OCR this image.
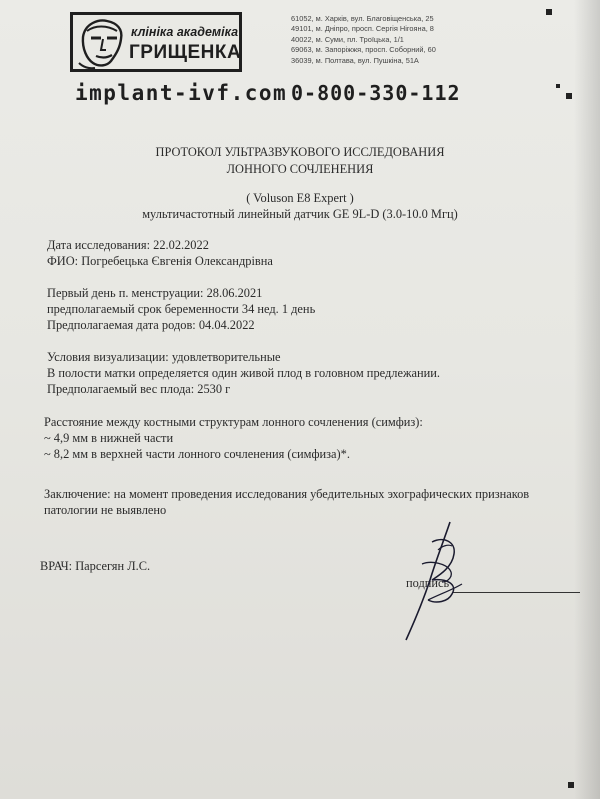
клініка академіка
ГРИЩЕНКА
61052, м. Харків, вул. Благовіщенська, 25
49101, м. Дніпро, просп. Сергія Нігояна, 8
40022, м. Суми, пл. Троїцька, 1/1
69063, м. Запоріжжя, просп. Соборний, 60
36039, м. Полтава, вул. Пушкіна, 51А
implant-ivf.com 0-800-330-112
ПРОТОКОЛ УЛЬТРАЗВУКОВОГО ИССЛЕДОВАНИЯ
ЛОННОГО СОЧЛЕНЕНИЯ
( Voluson E8 Expert )
мультичастотный линейный датчик GE 9L-D (3.0-10.0 Мгц)
Дата исследования: 22.02.2022
ФИО: Погребецька Євгенія Олександрівна
Первый день п. менструации: 28.06.2021
предполагаемый срок беременности 34 нед. 1 день
Предполагаемая дата родов: 04.04.2022
Условия визуализации: удовлетворительные
В полости матки определяется один живой плод в головном предлежании.
Предполагаемый вес плода: 2530 г
Расстояние между костными структурам лонного сочленения (симфиз):
~ 4,9 мм в нижней части
~ 8,2 мм в верхней части лонного сочленения (симфиза)*.
Заключение: на момент проведения исследования убедительных эхографических признаков
патологии не выявлено
ВРАЧ: Парсегян Л.С.
подпись
